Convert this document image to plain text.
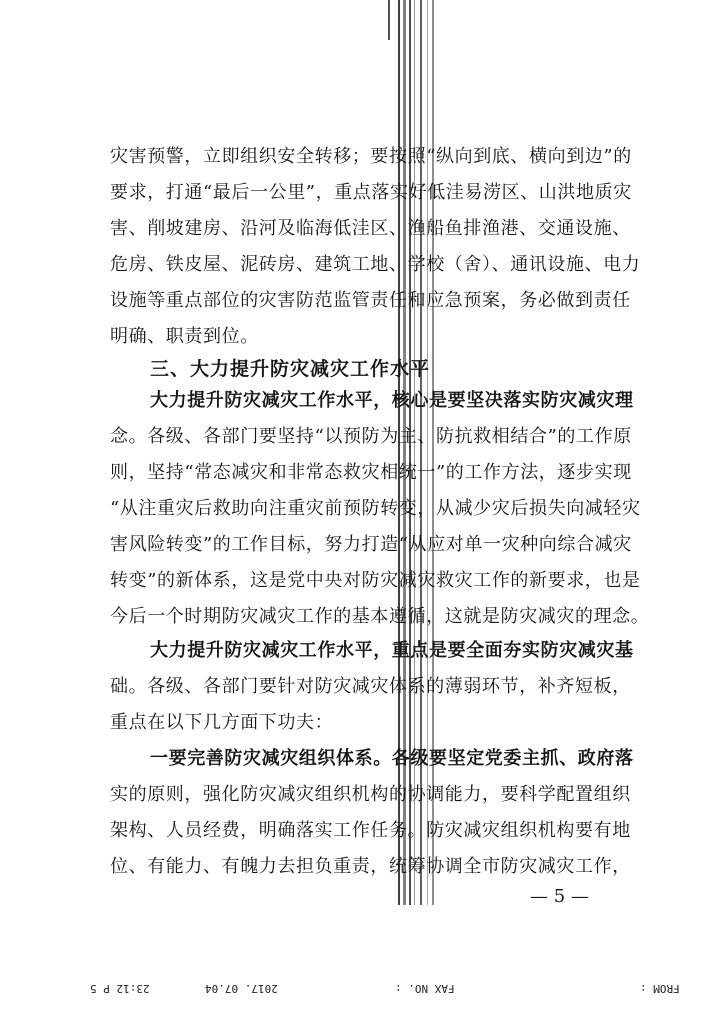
灾害预警，立即组织安全转移；要按照“纵向到底、横向到边”的
要求，打通“最后一公里”，重点落实好低洼易涝区、山洪地质灾
害、削坡建房、沿河及临海低洼区、渔船鱼排渔港、交通设施、
危房、铁皮屋、泥砖房、建筑工地、学校（舍）、通讯设施、电力
设施等重点部位的灾害防范监管责任和应急预案，务必做到责任
明确、职责到位。
三、大力提升防灾减灾工作水平
大力提升防灾减灾工作水平，核心是要坚决落实防灾减灾理
念。各级、各部门要坚持“以预防为主、防抗救相结合”的工作原
则，坚持“常态减灾和非常态救灾相统一”的工作方法，逐步实现
“从注重灾后救助向注重灾前预防转变，从减少灾后损失向减轻灾
害风险转变”的工作目标，努力打造“从应对单一灾种向综合减灾
转变”的新体系，这是党中央对防灾减灾救灾工作的新要求，也是
今后一个时期防灾减灾工作的基本遵循，这就是防灾减灾的理念。
大力提升防灾减灾工作水平，重点是要全面夯实防灾减灾基
础。各级、各部门要针对防灾减灾体系的薄弱环节，补齐短板，
重点在以下几方面下功夫：
一要完善防灾减灾组织体系。各级要坚定党委主抓、政府落
实的原则，强化防灾减灾组织机构的协调能力，要科学配置组织
架构、人员经费，明确落实工作任务。防灾减灾组织机构要有地
位、有能力、有魄力去担负重责，统筹协调全市防灾减灾工作，
— 5 —
23:12 P 5	2017. 07.04	FAX NO. :	FROM :
